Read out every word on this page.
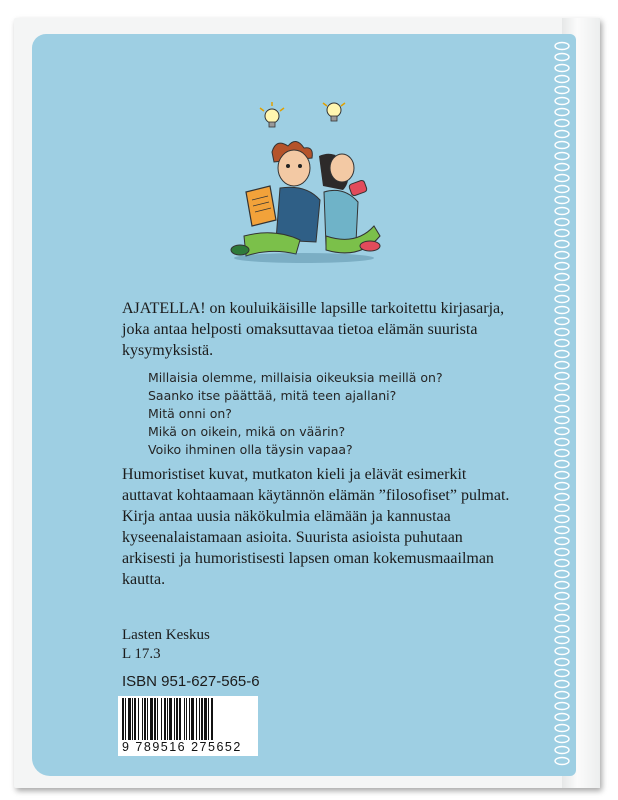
AJATELLA! on kouluikäisille lapsille tarkoitettu kirjasarja, joka antaa helposti omaksuttavaa tietoa elämän suurista kysymyksistä.
Millaisia olemme, millaisia oikeuksia meillä on?
Saanko itse päättää, mitä teen ajallani?
Mitä onni on?
Mikä on oikein, mikä on väärin?
Voiko ihminen olla täysin vapaa?
Humoristiset kuvat, mutkaton kieli ja elävät esimerkit auttavat kohtaamaan käytännön elämän ”filosofiset” pulmat. Kirja antaa uusia näkökulmia elämään ja kannustaa kyseenalaistamaan asioita. Suurista asioista puhutaan arkisesti ja humoristisesti lapsen oman kokemusmaailman kautta.
Lasten Keskus
L 17.3
ISBN 951-627-565-6
9 789516 275652
